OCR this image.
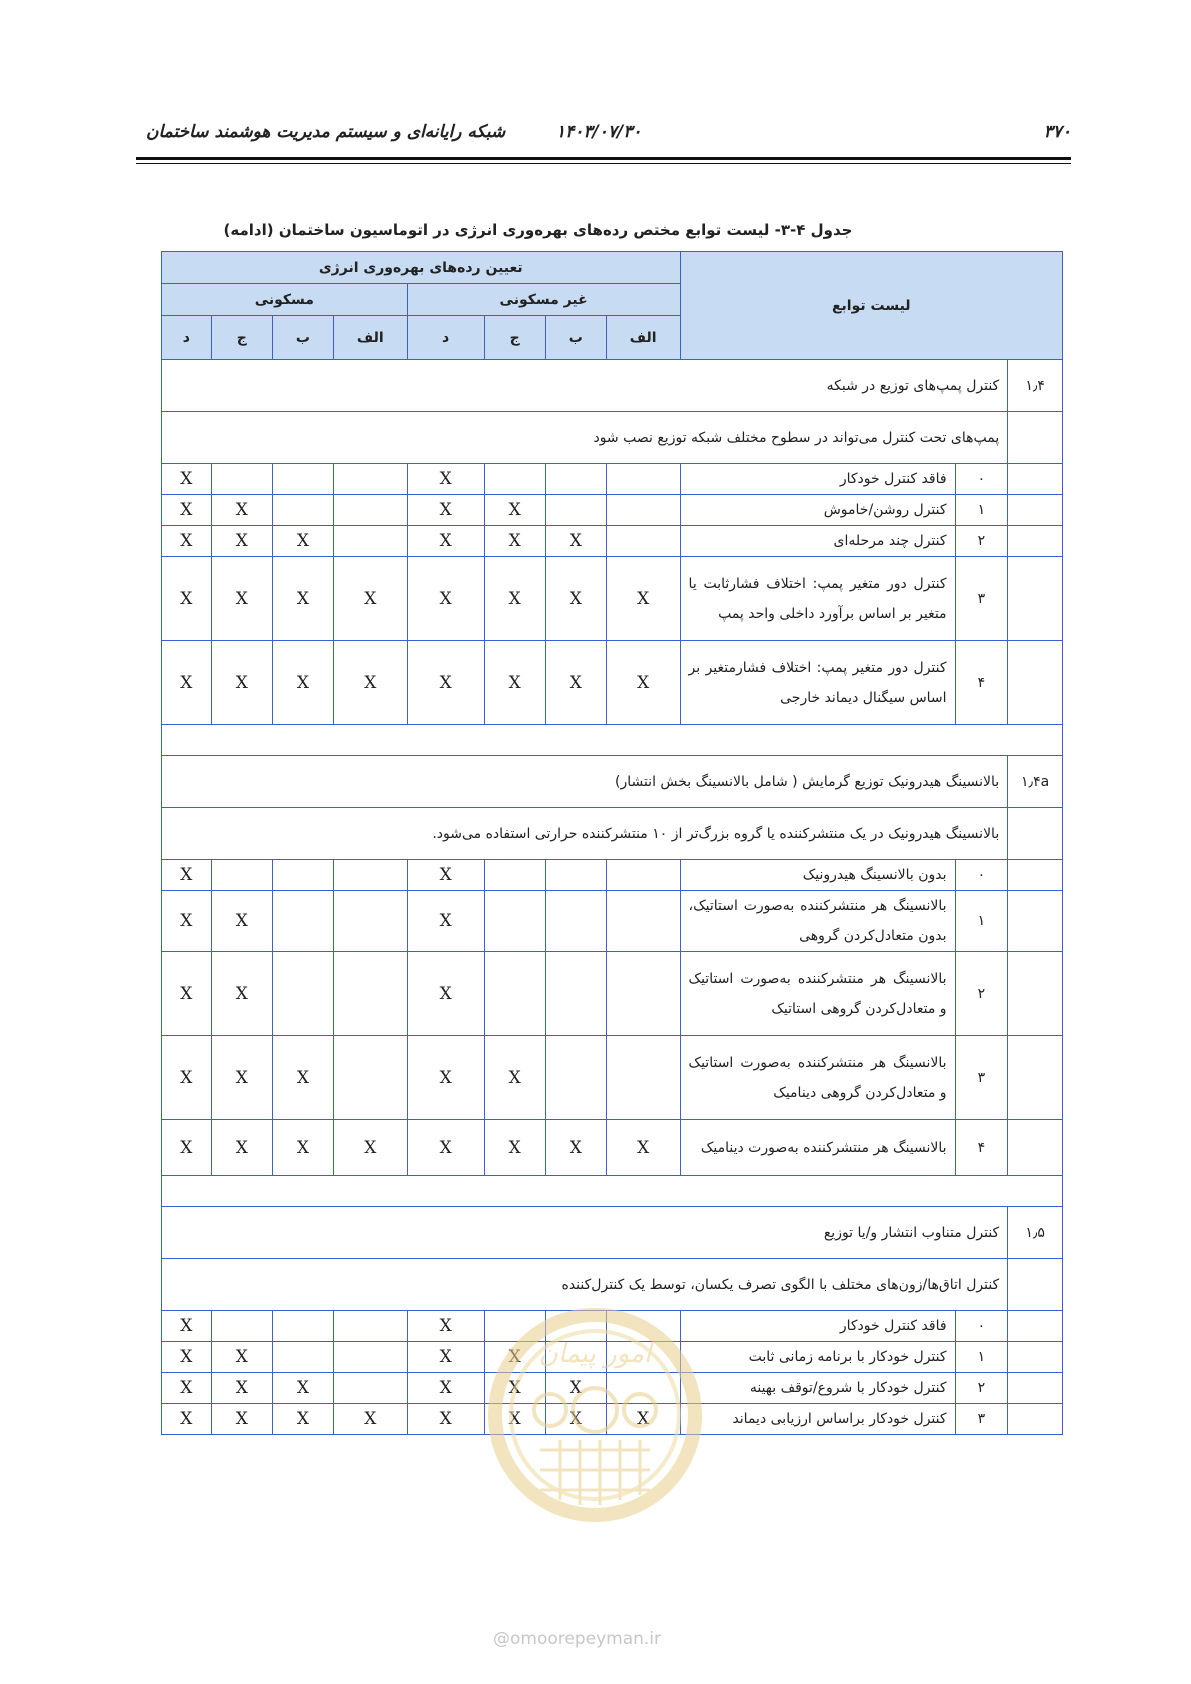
شبکه رایانه‌ای و سیستم مدیریت هوشمند ساختمان	۱۴۰۳/۰۷/۳۰	۳۷۰
جدول ۴-۳- لیست توابع مختص رده‌های بهره‌وری انرژی در اتوماسیون ساختمان (ادامه)
لیست توابع			تعیین رده‌های بهره‌وری انرژی							
			غیر مسکونی				مسکونی			
			الف	ب	ج	د	الف	ب	ج	د
۱٫۴	کنترل پمپ‌های توزیع در شبکه									
	پمپ‌های تحت کنترل می‌تواند در سطوح مختلف شبکه توزیع نصب شود									
	۰	فاقد کنترل خودکار				X				X
	۱	کنترل روشن/خاموش			X	X			X	X
	۲	کنترل چند مرحله‌ای		X	X	X		X	X	X
	۳	کنترل دور متغیر پمپ: اختلاف فشارثابت یا متغیر بر اساس برآورد داخلی واحد پمپ	X	X	X	X	X	X	X	X
	۴	کنترل دور متغیر پمپ: اختلاف فشارمتغیر بر اساس سیگنال دیماند خارجی	X	X	X	X	X	X	X	X

۱٫۴a	بالانسینگ هیدرونیک توزیع گرمایش ( شامل بالانسینگ بخش انتشار)									
	بالانسینگ هیدرونیک در یک منتشرکننده یا گروه بزرگ‌تر از ۱۰ منتشرکننده حرارتی استفاده می‌شود.									
	۰	بدون بالانسینگ هیدرونیک				X				X
	۱	بالانسینگ هر منتشرکننده به‌صورت استاتیک، بدون متعادل‌کردن گروهی				X			X	X
	۲	بالانسینگ هر منتشرکننده به‌صورت استاتیک و متعادل‌کردن گروهی استاتیک				X			X	X
	۳	بالانسینگ هر منتشرکننده به‌صورت استاتیک و متعادل‌کردن گروهی دینامیک			X	X		X	X	X
	۴	بالانسینگ هر منتشرکننده به‌صورت دینامیک	X	X	X	X	X	X	X	X

۱٫۵	کنترل متناوب انتشار و/یا توزیع									
	کنترل اتاق‌ها/زون‌های مختلف با الگوی تصرف یکسان، توسط یک کنترل‌کننده									
	۰	فاقد کنترل خودکار				X				X
	۱	کنترل خودکار با برنامه زمانی ثابت			X	X			X	X
	۲	کنترل خودکار با شروع/توقف بهینه		X	X	X		X	X	X
	۳	کنترل خودکار براساس ارزیابی دیماند	X	X	X	X	X	X	X	X
امور پیمان
@omoorepeyman.ir
